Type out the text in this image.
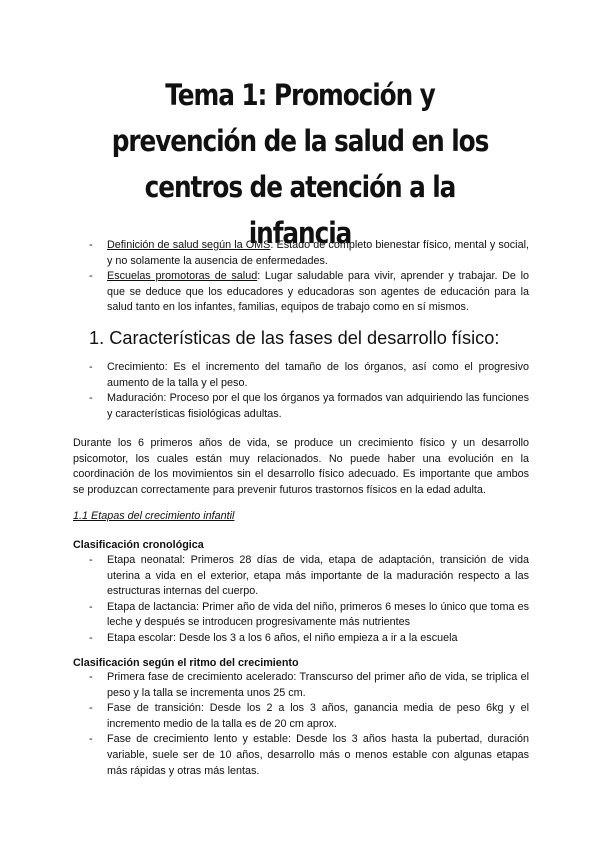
Tema 1: Promoción y prevención de la salud en los centros de atención a la infancia
- Definición de salud según la OMS: Estado de completo bienestar físico, mental y social, y no solamente la ausencia de enfermedades.
- Escuelas promotoras de salud: Lugar saludable para vivir, aprender y trabajar. De lo que se deduce que los educadores y educadoras son agentes de educación para la salud tanto en los infantes, familias, equipos de trabajo como en sí mismos.
1. Características de las fases del desarrollo físico:
- Crecimiento: Es el incremento del tamaño de los órganos, así como el progresivo aumento de la talla y el peso.
- Maduración: Proceso por el que los órganos ya formados van adquiriendo las funciones y características fisiológicas adultas.

Durante los 6 primeros años de vida, se produce un crecimiento físico y un desarrollo psicomotor, los cuales están muy relacionados. No puede haber una evolución en la coordinación de los movimientos sin el desarrollo físico adecuado. Es importante que ambos se produzcan correctamente para prevenir futuros trastornos físicos en la edad adulta.

1.1 Etapas del crecimiento infantil

Clasificación cronológica

- Etapa neonatal: Primeros 28 días de vida, etapa de adaptación, transición de vida uterina a vida en el exterior, etapa más importante de la maduración respecto a las estructuras internas del cuerpo.
- Etapa de lactancia: Primer año de vida del niño, primeros 6 meses lo único que toma es leche y después se introducen progresivamente más nutrientes
- Etapa escolar: Desde los 3 a los 6 años, el niño empieza a ir a la escuela

Clasificación según el ritmo del crecimiento

- Primera fase de crecimiento acelerado: Transcurso del primer año de vida, se triplica el peso y la talla se incrementa unos 25 cm.
- Fase de transición: Desde los 2 a los 3 años, ganancia media de peso 6kg y el incremento medio de la talla es de 20 cm aprox.
- Fase de crecimiento lento y estable: Desde los 3 años hasta la pubertad, duración variable, suele ser de 10 años, desarrollo más o menos estable con algunas etapas más rápidas y otras más lentas.
